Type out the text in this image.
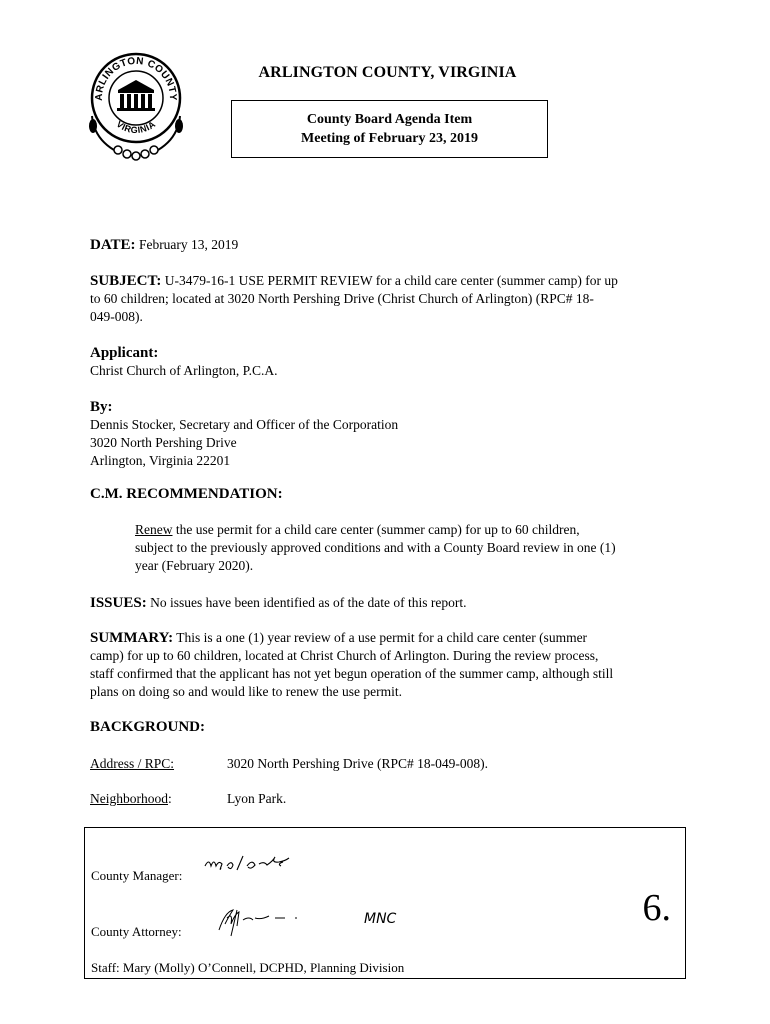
ARLINGTON COUNTY
VIRGINIA
ARLINGTON COUNTY, VIRGINIA
County Board Agenda Item
Meeting of February 23, 2019
DATE: February 13, 2019
SUBJECT: U-3479-16-1 USE PERMIT REVIEW for a child care center (summer camp) for up
to 60 children; located at 3020 North Pershing Drive (Christ Church of Arlington) (RPC# 18-
049-008).
Applicant:
Christ Church of Arlington, P.C.A.
By:
Dennis Stocker, Secretary and Officer of the Corporation
3020 North Pershing Drive
Arlington, Virginia 22201
C.M. RECOMMENDATION:
Renew the use permit for a child care center (summer camp) for up to 60 children,
subject to the previously approved conditions and with a County Board review in one (1)
year (February 2020).
ISSUES: No issues have been identified as of the date of this report.
SUMMARY: This is a one (1) year review of a use permit for a child care center (summer
camp) for up to 60 children, located at Christ Church of Arlington. During the review process,
staff confirmed that the applicant has not yet begun operation of the summer camp, although still
plans on doing so and would like to renew the use permit.
BACKGROUND:
Address / RPC:	3020 North Pershing Drive (RPC# 18-049-008).
Neighborhood:	Lyon Park.
County Manager:
County Attorney:
MNC	6.
Staff: Mary (Molly) O’Connell, DCPHD, Planning Division
